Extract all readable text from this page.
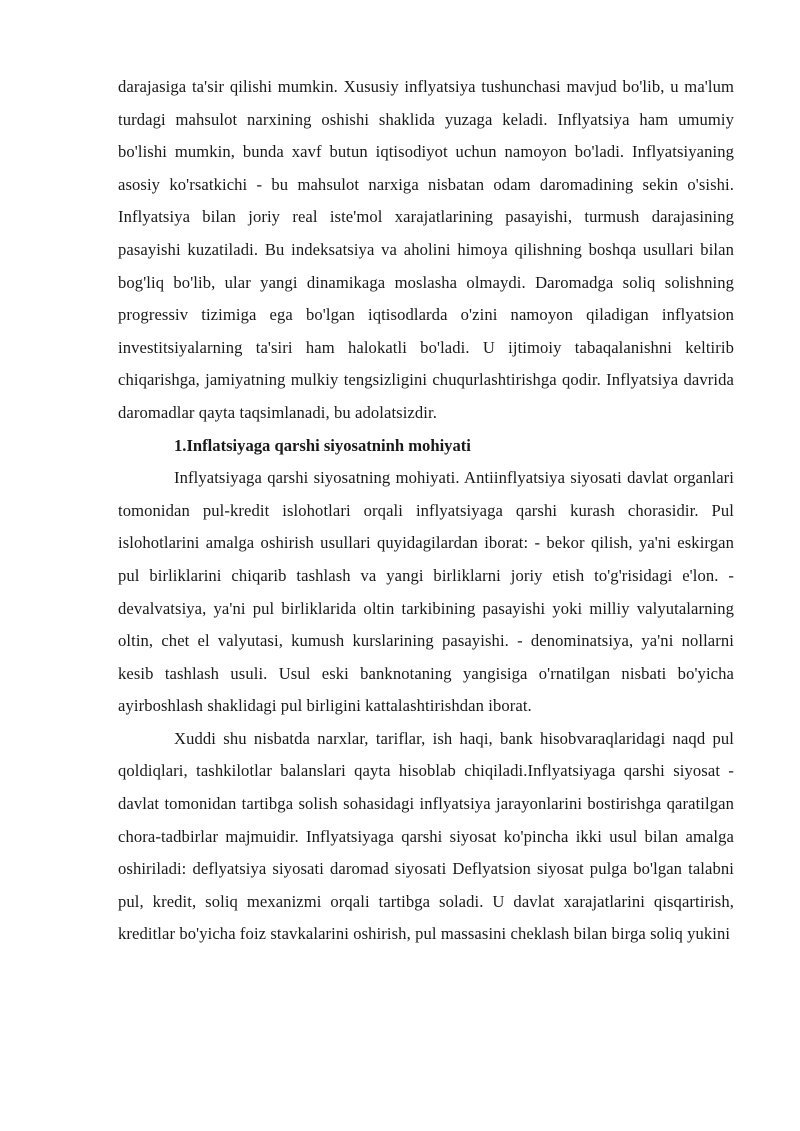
darajasiga ta'sir qilishi mumkin. Xususiy inflyatsiya tushunchasi mavjud bo'lib, u ma'lum turdagi mahsulot narxining oshishi shaklida yuzaga keladi. Inflyatsiya ham umumiy bo'lishi mumkin, bunda xavf butun iqtisodiyot uchun namoyon bo'ladi. Inflyatsiyaning asosiy ko'rsatkichi - bu mahsulot narxiga nisbatan odam daromadining sekin o'sishi. Inflyatsiya bilan joriy real iste'mol xarajatlarining pasayishi, turmush darajasining pasayishi kuzatiladi. Bu indeksatsiya va aholini himoya qilishning boshqa usullari bilan bog'liq bo'lib, ular yangi dinamikaga moslasha olmaydi. Daromadga soliq solishning progressiv tizimiga ega bo'lgan iqtisodlarda o'zini namoyon qiladigan inflyatsion investitsiyalarning ta'siri ham halokatli bo'ladi. U ijtimoiy tabaqalanishni keltirib chiqarishga, jamiyatning mulkiy tengsizligini chuqurlashtirishga qodir. Inflyatsiya davrida daromadlar qayta taqsimlanadi, bu adolatsizdir.

1.Inflatsiyaga qarshi siyosatninh mohiyati

Inflyatsiyaga qarshi siyosatning mohiyati. Antiinflyatsiya siyosati davlat organlari tomonidan pul-kredit islohotlari orqali inflyatsiyaga qarshi kurash chorasidir. Pul islohotlarini amalga oshirish usullari quyidagilardan iborat: - bekor qilish, ya'ni eskirgan pul birliklarini chiqarib tashlash va yangi birliklarni joriy etish to'g'risidagi e'lon. - devalvatsiya, ya'ni pul birliklarida oltin tarkibining pasayishi yoki milliy valyutalarning oltin, chet el valyutasi, kumush kurslarining pasayishi. - denominatsiya, ya'ni nollarni kesib tashlash usuli. Usul eski banknotaning yangisiga o'rnatilgan nisbati bo'yicha ayirboshlash shaklidagi pul birligini kattalashtirishdan iborat.

Xuddi shu nisbatda narxlar, tariflar, ish haqi, bank hisobvaraqlaridagi naqd pul qoldiqlari, tashkilotlar balanslari qayta hisoblab chiqiladi.Inflyatsiyaga qarshi siyosat - davlat tomonidan tartibga solish sohasidagi inflyatsiya jarayonlarini bostirishga qaratilgan chora-tadbirlar majmuidir. Inflyatsiyaga qarshi siyosat ko'pincha ikki usul bilan amalga oshiriladi: deflyatsiya siyosati daromad siyosati Deflyatsion siyosat pulga bo'lgan talabni pul, kredit, soliq mexanizmi orqali tartibga soladi. U davlat xarajatlarini qisqartirish, kreditlar bo'yicha foiz stavkalarini oshirish, pul massasini cheklash bilan birga soliq yukini
